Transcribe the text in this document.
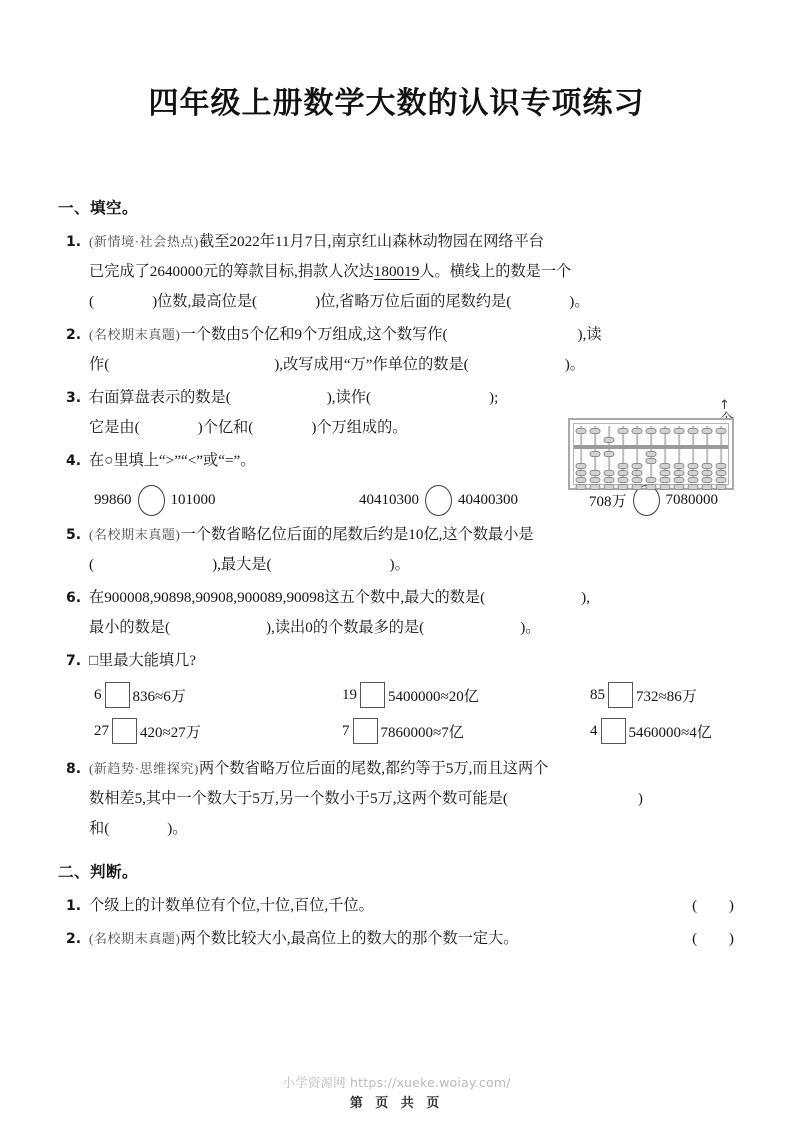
四年级上册数学大数的认识专项练习
↑
一、填空。
1. (新情境·社会热点)截至2022年11月7日,南京红山森林动物园在网络平台
已完成了2640000元的筹款目标,捐款人次达180019人。横线上的数是一个
(	)位数,最高位是(	)位,省略万位后面的尾数约是(	)。
2. (名校期末真题)一个数由5个亿和9个万组成,这个数写作(	),读
作(	),改写成用“万”作单位的数是(	)。
3. 右面算盘表示的数是(	),读作(	);
它是由(	)个亿和(	)个万组成的。
4. 在○里填上“>”“<”或“=”。
99860	101000	40410300	40400300	708万	7080000
5. (名校期末真题)一个数省略亿位后面的尾数后约是10亿,这个数最小是
(	),最大是(	)。
6. 在900008,90898,90908,900089,90098这五个数中,最大的数是(	),
最小的数是(	),读出0的个数最多的是(	)。
7. □里最大能填几?
6 836≈6万	19 5400000≈20亿	85 732≈86万
27 420≈27万	7 7860000≈7亿	4 5460000≈4亿
8. (新趋势·思维探究)两个数省略万位后面的尾数,都约等于5万,而且这两个
数相差5,其中一个数大于5万,另一个数小于5万,这两个数可能是(	)
和(	)。
二、判断。
1. 个级上的计数单位有个位,十位,百位,千位。	( )
2. (名校期末真题)两个数比较大小,最高位上的数大的那个数一定大。	( )
小学资源网 https://xueke.woiay.com/
第 页 共 页
